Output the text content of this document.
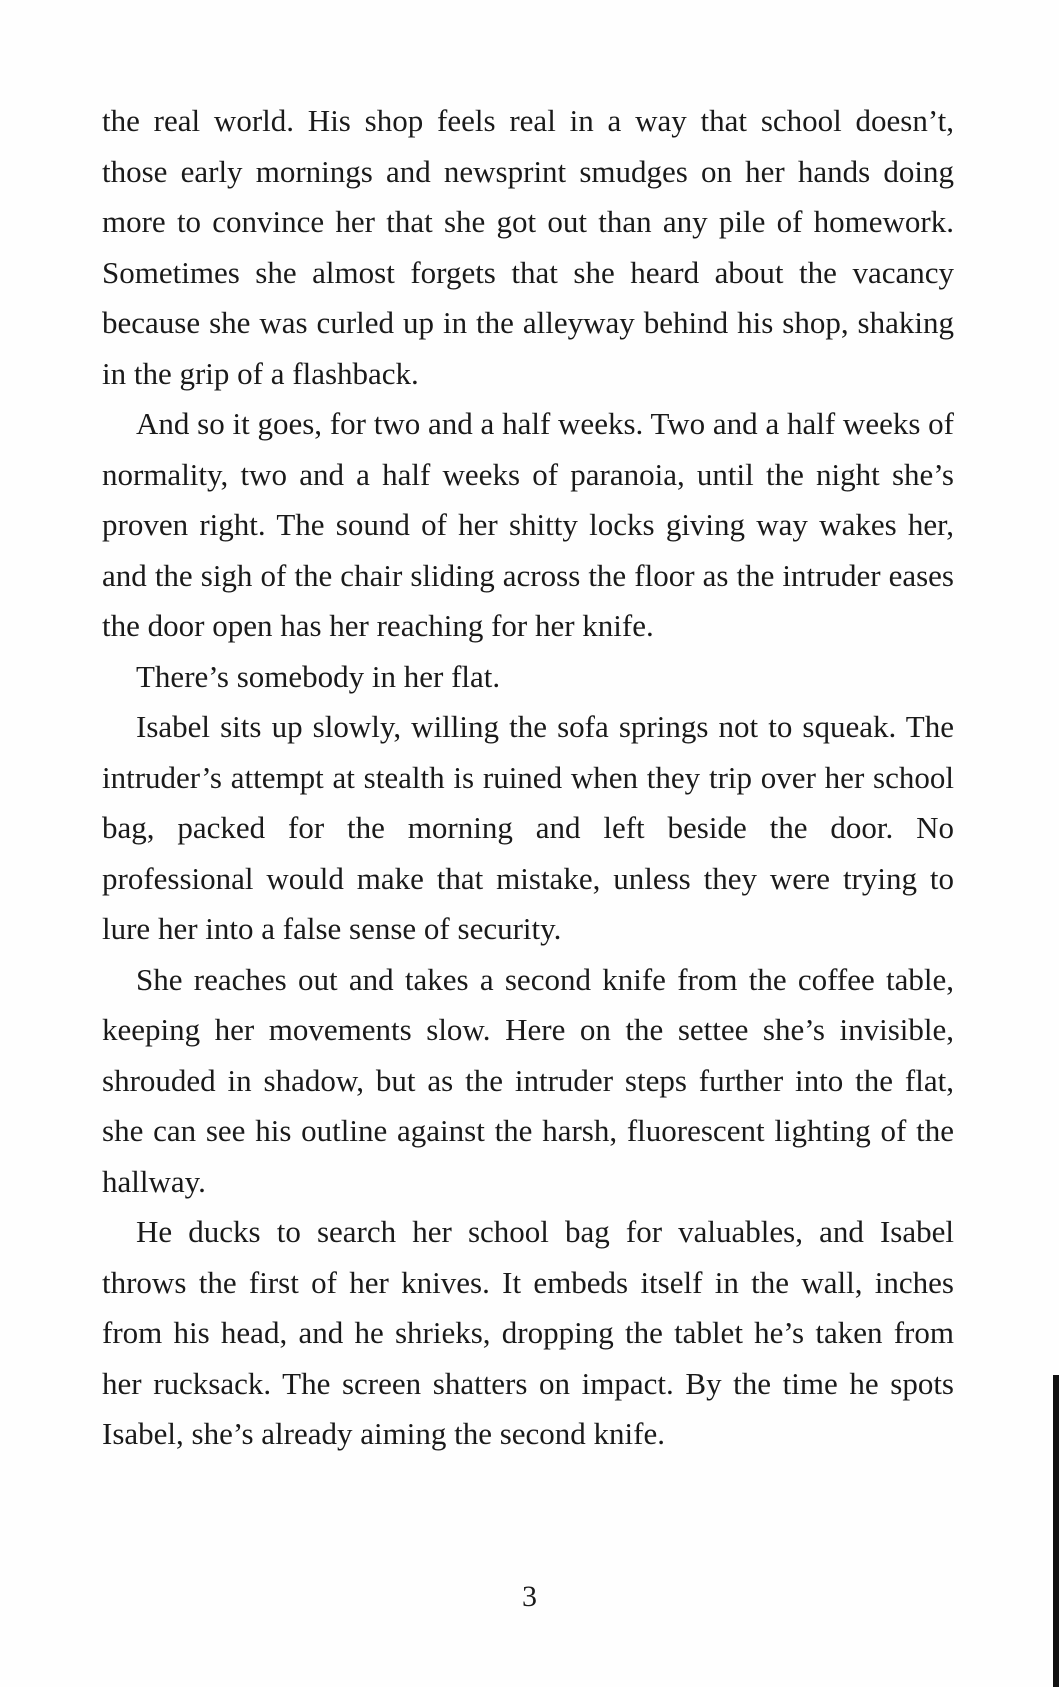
the real world. His shop feels real in a way that school doesn’t, those early mornings and newsprint smudges on her hands doing more to convince her that she got out than any pile of homework. Sometimes she almost forgets that she heard about the vacancy because she was curled up in the alleyway behind his shop, shaking in the grip of a flashback.

And so it goes, for two and a half weeks. Two and a half weeks of normality, two and a half weeks of paranoia, until the night she’s proven right. The sound of her shitty locks giving way wakes her, and the sigh of the chair sliding across the floor as the intruder eases the door open has her reaching for her knife.

There’s somebody in her flat.

Isabel sits up slowly, willing the sofa springs not to squeak. The intruder’s attempt at stealth is ruined when they trip over her school bag, packed for the morning and left beside the door. No professional would make that mistake, unless they were trying to lure her into a false sense of security.

She reaches out and takes a second knife from the coffee table, keeping her movements slow. Here on the settee she’s invisible, shrouded in shadow, but as the intruder steps further into the flat, she can see his outline against the harsh, fluorescent lighting of the hallway.

He ducks to search her school bag for valuables, and Isabel throws the first of her knives. It embeds itself in the wall, inches from his head, and he shrieks, dropping the tablet he’s taken from her rucksack. The screen shatters on impact. By the time he spots Isabel, she’s already aiming the second knife.

3
